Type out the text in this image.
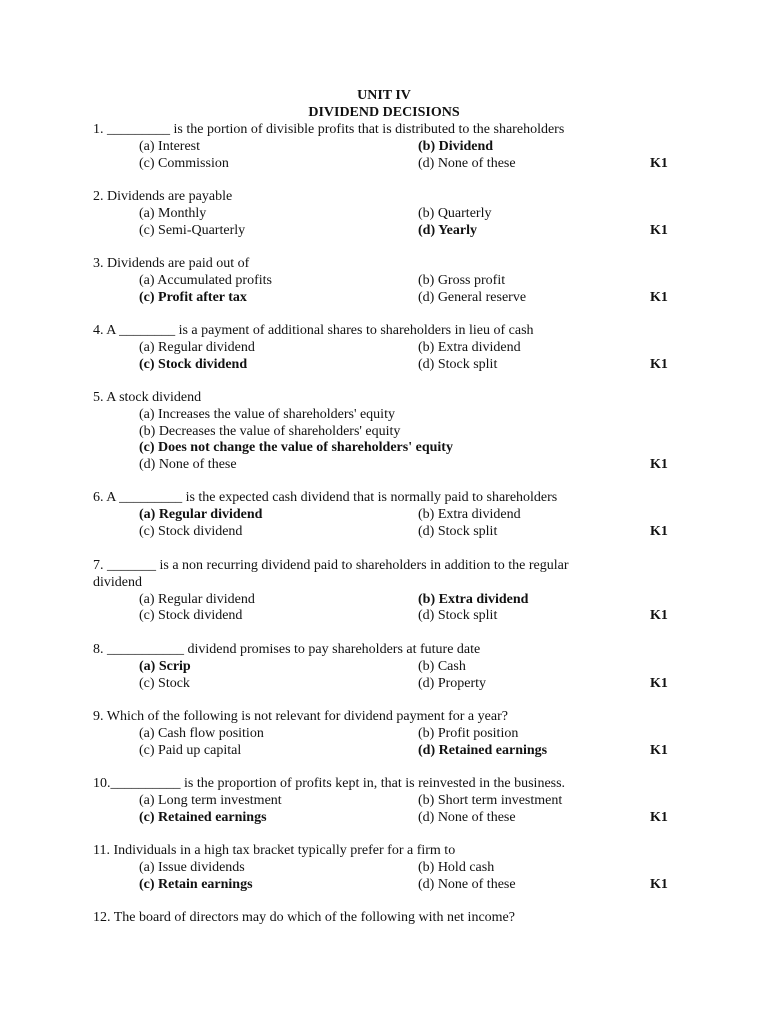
UNIT IV
DIVIDEND DECISIONS
1. _________ is the portion of divisible profits that is distributed to the shareholders
(a) Interest	(b) Dividend
(c) Commission	(d) None of these	K1
2. Dividends are payable
(a) Monthly	(b) Quarterly
(c) Semi-Quarterly	(d) Yearly	K1
3. Dividends are paid out of
(a) Accumulated profits	(b) Gross profit
(c) Profit after tax	(d) General reserve	K1
4. A ________ is a payment of additional shares to shareholders in lieu of cash
(a) Regular dividend	(b) Extra dividend
(c) Stock dividend	(d) Stock split	K1
5. A stock dividend
(a) Increases the value of shareholders' equity
(b) Decreases the value of shareholders' equity
(c) Does not change the value of shareholders' equity
(d) None of these	K1
6. A _________ is the expected cash dividend that is normally paid to shareholders
(a) Regular dividend	(b) Extra dividend
(c) Stock dividend	(d) Stock split	K1
7. _______ is a non recurring dividend paid to shareholders in addition to the regular
dividend
(a) Regular dividend	(b) Extra dividend
(c) Stock dividend	(d) Stock split	K1
8. ___________ dividend promises to pay shareholders at future date
(a) Scrip	(b) Cash
(c) Stock	(d) Property	K1
9. Which of the following is not relevant for dividend payment for a year?
(a) Cash flow position	(b) Profit position
(c) Paid up capital	(d) Retained earnings	K1
10.__________ is the proportion of profits kept in, that is reinvested in the business.
(a) Long term investment	(b) Short term investment
(c) Retained earnings	(d) None of these	K1
11. Individuals in a high tax bracket typically prefer for a firm to
(a) Issue dividends	(b) Hold cash
(c) Retain earnings	(d) None of these	K1
12. The board of directors may do which of the following with net income?
